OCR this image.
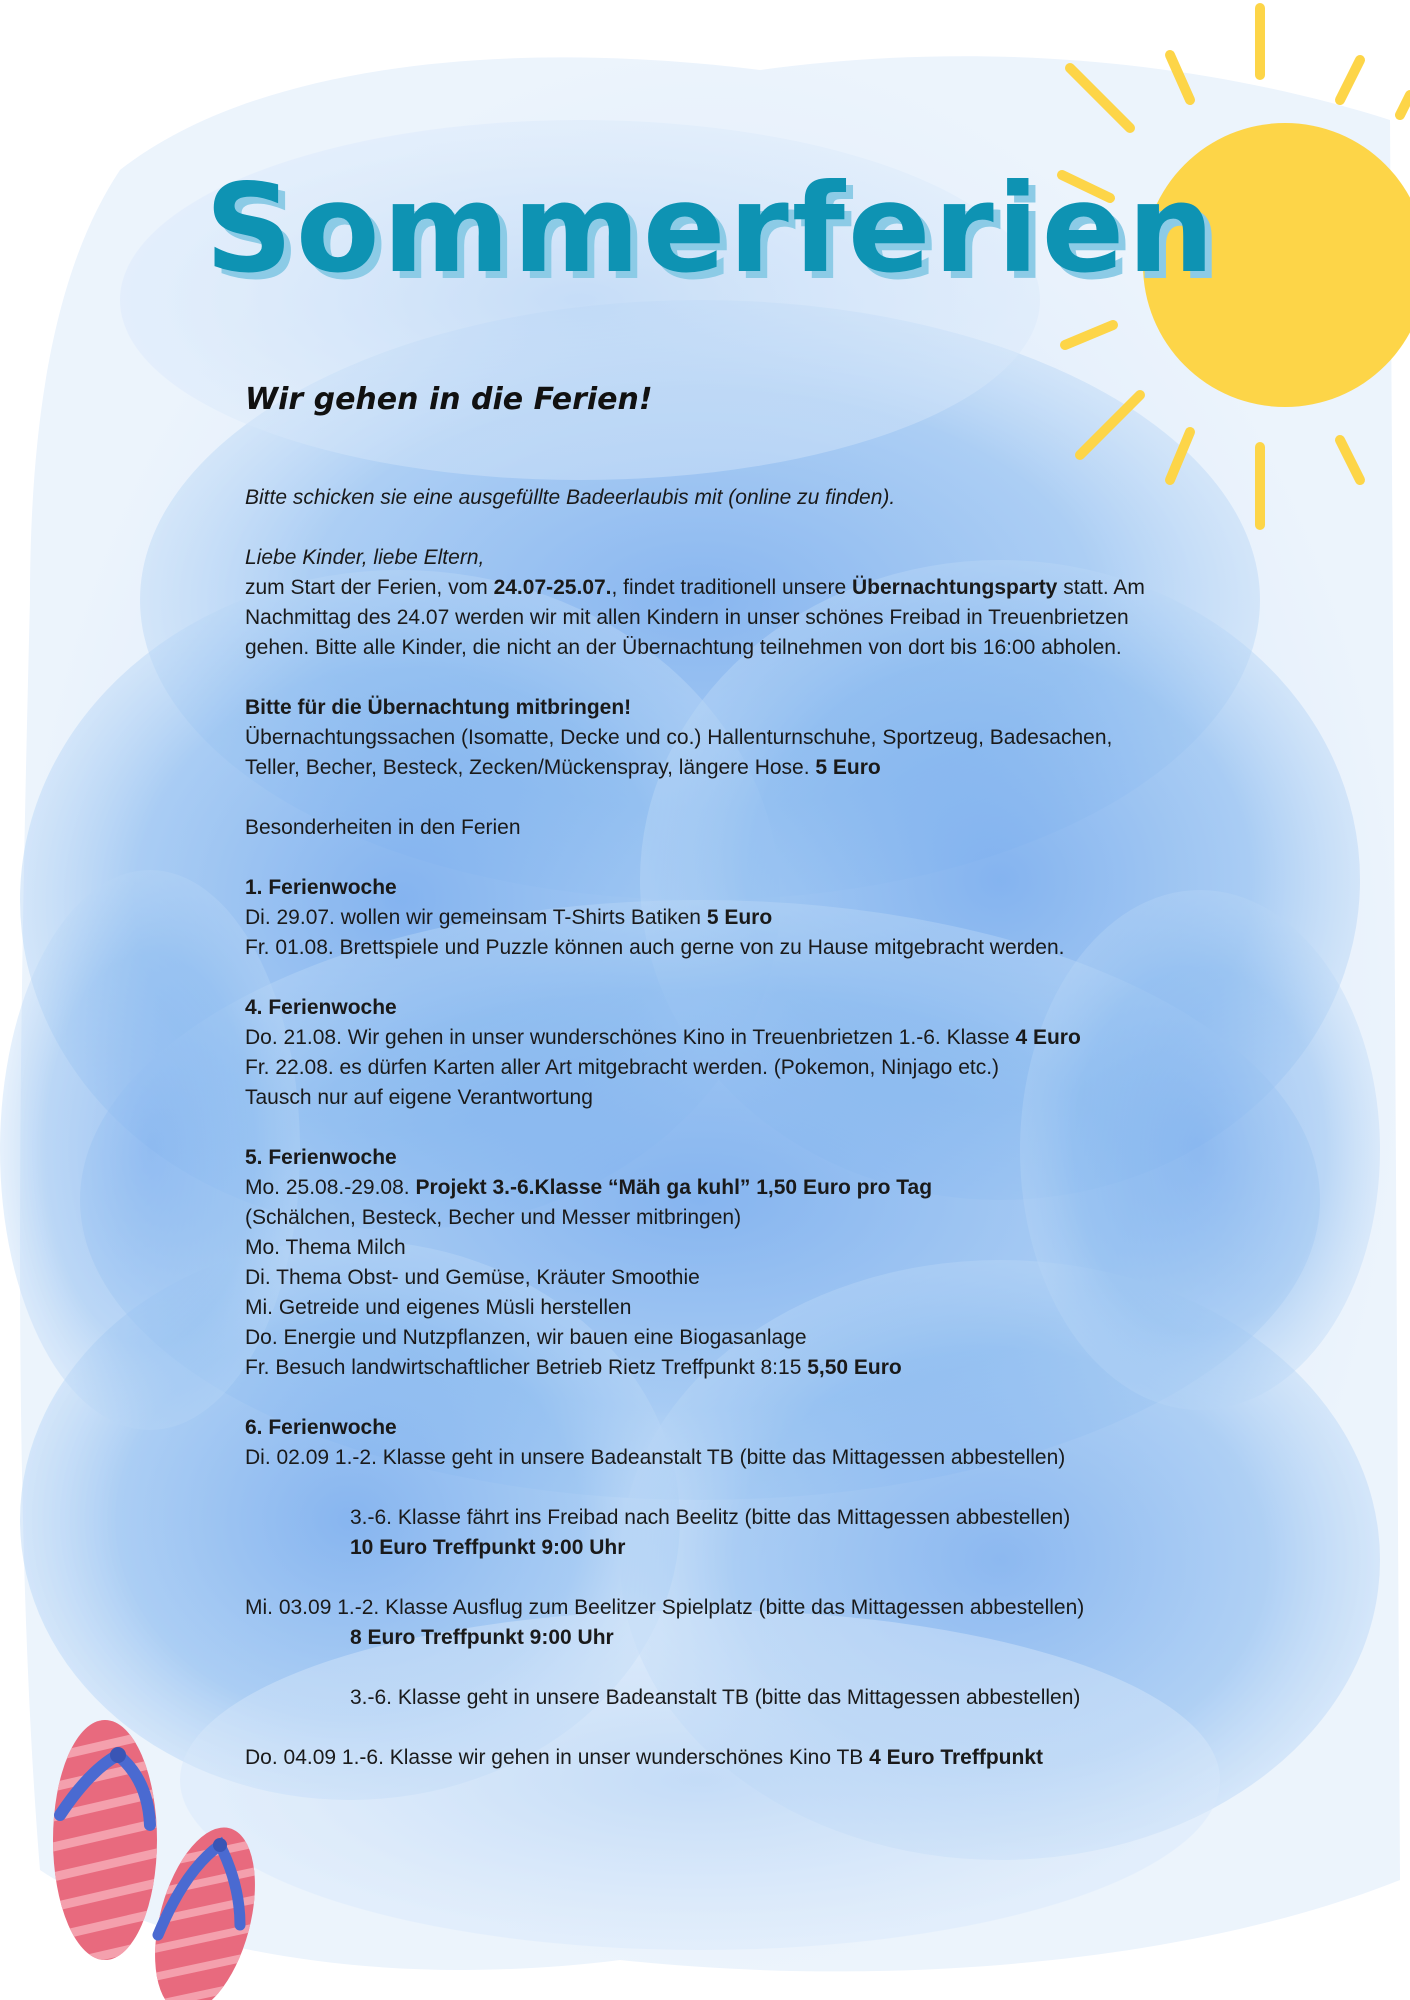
Sommerferien
Wir gehen in die Ferien!

Bitte schicken sie eine ausgefüllte Badeerlaubis mit (online zu finden).

Liebe Kinder, liebe Eltern,

zum Start der Ferien, vom 24.07-25.07., findet traditionell unsere Übernachtungsparty statt. Am

Nachmittag des 24.07 werden wir mit allen Kindern in unser schönes Freibad in Treuenbrietzen

gehen. Bitte alle Kinder, die nicht an der Übernachtung teilnehmen von dort bis 16:00 abholen.

Bitte für die Übernachtung mitbringen!

Übernachtungssachen (Isomatte, Decke und co.) Hallenturnschuhe, Sportzeug, Badesachen,

Teller, Becher, Besteck, Zecken/Mückenspray, längere Hose. 5 Euro

Besonderheiten in den Ferien

1. Ferienwoche

Di. 29.07. wollen wir gemeinsam T-Shirts Batiken 5 Euro

Fr. 01.08. Brettspiele und Puzzle können auch gerne von zu Hause mitgebracht werden.

4. Ferienwoche

Do. 21.08. Wir gehen in unser wunderschönes Kino in Treuenbrietzen 1.-6. Klasse 4 Euro

Fr. 22.08. es dürfen Karten aller Art mitgebracht werden. (Pokemon, Ninjago etc.)

Tausch nur auf eigene Verantwortung

5. Ferienwoche

Mo. 25.08.-29.08. Projekt 3.-6.Klasse “Mäh ga kuhl” 1,50 Euro pro Tag

(Schälchen, Besteck, Becher und Messer mitbringen)

Mo. Thema Milch

Di. Thema Obst- und Gemüse, Kräuter Smoothie

Mi. Getreide und eigenes Müsli herstellen

Do. Energie und Nutzpflanzen, wir bauen eine Biogasanlage

Fr. Besuch landwirtschaftlicher Betrieb Rietz Treffpunkt 8:15 5,50 Euro

6. Ferienwoche

Di. 02.09 1.-2. Klasse geht in unsere Badeanstalt TB (bitte das Mittagessen abbestellen)

3.-6. Klasse fährt ins Freibad nach Beelitz (bitte das Mittagessen abbestellen)

10 Euro Treffpunkt 9:00 Uhr

Mi. 03.09 1.-2. Klasse Ausflug zum Beelitzer Spielplatz (bitte das Mittagessen abbestellen)

8 Euro Treffpunkt 9:00 Uhr

3.-6. Klasse geht in unsere Badeanstalt TB (bitte das Mittagessen abbestellen)

Do. 04.09 1.-6. Klasse wir gehen in unser wunderschönes Kino TB 4 Euro Treffpunkt
